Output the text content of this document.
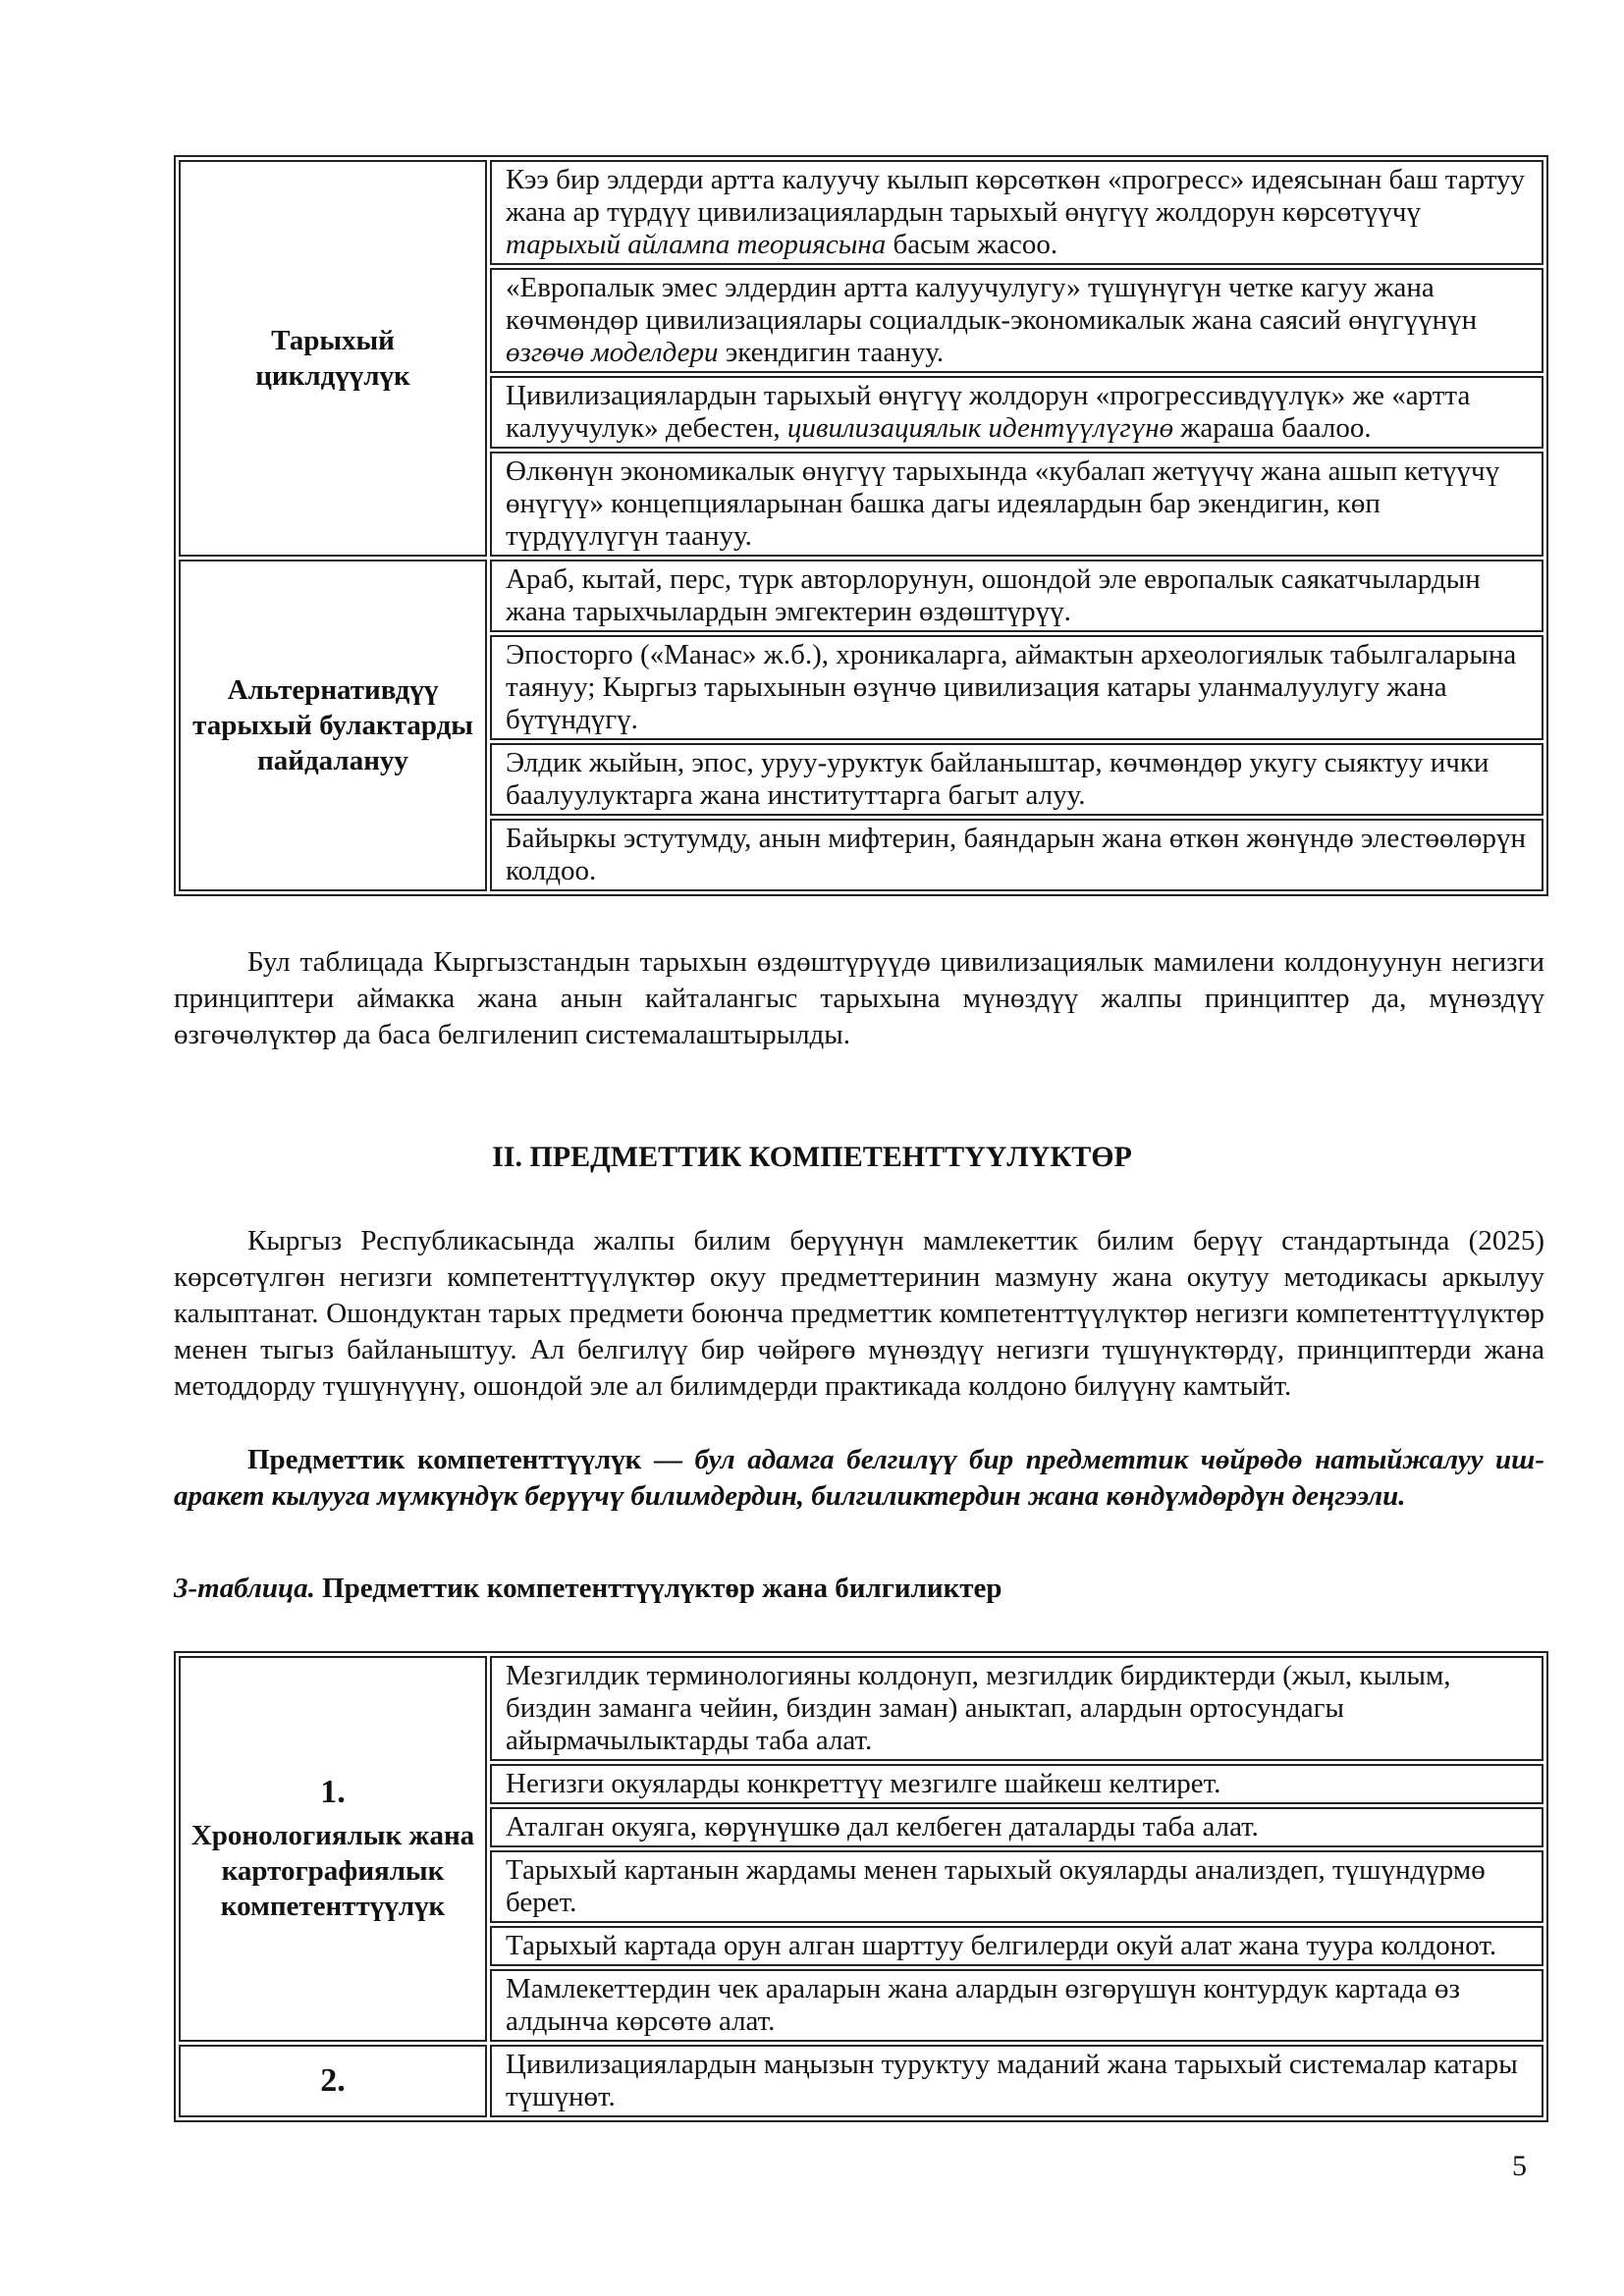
Тарыхый циклдүүлүк	Кээ бир элдерди артта калуучу кылып көрсөткөн «прогресс» идеясынан баш тартуу жана ар түрдүү цивилизациялардын тарыхый өнүгүү жолдорун көрсөтүүчү тарыхый айлампа теориясына басым жасоо.
	«Европалык эмес элдердин артта калуучулугу» түшүнүгүн четке кагуу жана көчмөндөр цивилизациялары социалдык-экономикалык жана саясий өнүгүүнүн өзгөчө моделдери экендигин таануу.
	Цивилизациялардын тарыхый өнүгүү жолдорун «прогрессивдүүлүк» же «артта калуучулук» дебестен, цивилизациялык идентүүлүгүнө жараша баалоо.
	Өлкөнүн экономикалык өнүгүү тарыхында «кубалап жетүүчү жана ашып кетүүчү өнүгүү» концепцияларынан башка дагы идеялардын бар экендигин, көп түрдүүлүгүн таануу.
Альтернативдүү тарыхый булактарды пайдалануу	Араб, кытай, перс, түрк авторлорунун, ошондой эле европалык саякатчылардын жана тарыхчылардын эмгектерин өздөштүрүү.
	Эпосторго («Манас» ж.б.), хроникаларга, аймактын археологиялык табылгаларына таянуу; Кыргыз тарыхынын өзүнчө цивилизация катары уланмалуулугу жана бүтүндүгү.
	Элдик жыйын, эпос, уруу-уруктук байланыштар, көчмөндөр укугу сыяктуу ички баалуулуктарга жана институттарга багыт алуу.
	Байыркы эстутумду, анын мифтерин, баяндарын жана өткөн жөнүндө элестөөлөрүн колдоо.
Бул таблицада Кыргызстандын тарыхын өздөштүрүүдө цивилизациялык мамилени колдонуунун негизги принциптери аймакка жана анын кайталангыс тарыхына мүнөздүү жалпы принциптер да, мүнөздүү өзгөчөлүктөр да баса белгиленип системалаштырылды.
II. ПРЕДМЕТТИК КОМПЕТЕНТТҮҮЛҮКТӨР
Кыргыз Республикасында жалпы билим берүүнүн мамлекеттик билим берүү стандартында (2025) көрсөтүлгөн негизги компетенттүүлүктөр окуу предметтеринин мазмуну жана окутуу методикасы аркылуу калыптанат. Ошондуктан тарых предмети боюнча предметтик компетенттүүлүктөр негизги компетенттүүлүктөр менен тыгыз байланыштуу. Ал белгилүү бир чөйрөгө мүнөздүү негизги түшүнүктөрдү, принциптерди жана методдорду түшүнүүнү, ошондой эле ал билимдерди практикада колдоно билүүнү камтыйт.
Предметтик компетенттүүлүк — бул адамга белгилүү бир предметтик чөйрөдө натыйжалуу иш-аракет кылууга мүмкүндүк берүүчү билимдердин, билгиликтердин жана көндүмдөрдүн деңгээли.
3-таблица. Предметтик компетенттүүлүктөр жана билгиликтер
1.
Хронологиялык жана картографиялык компетенттүүлүк	Мезгилдик терминологияны колдонуп, мезгилдик бирдиктерди (жыл, кылым, биздин заманга чейин, биздин заман) аныктап, алардын ортосундагы айырмачылыктарды таба алат.
	Негизги окуяларды конкреттүү мезгилге шайкеш келтирет.
	Аталган окуяга, көрүнүшкө дал келбеген даталарды таба алат.
	Тарыхый картанын жардамы менен тарыхый окуяларды анализдеп, түшүндүрмө берет.
	Тарыхый картада орун алган шарттуу белгилерди окуй алат жана туура колдонот.
	Мамлекеттердин чек араларын жана алардын өзгөрүшүн контурдук картада өз алдынча көрсөтө алат.

2.	Цивилизациялардын маңызын туруктуу маданий жана тарыхый системалар катары түшүнөт.
5
